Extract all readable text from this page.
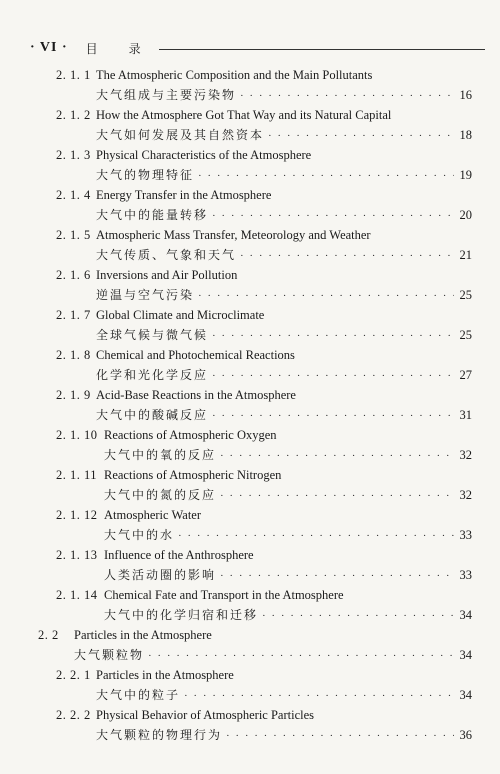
· VI · 目 录
2. 1. 1 The Atmospheric Composition and the Main Pollutants
大气组成与主要污染物 · · ·	16
2. 1. 2 How the Atmosphere Got That Way and its Natural Capital
大气如何发展及其自然资本 · · ·	18
2. 1. 3 Physical Characteristics of the Atmosphere
大气的物理特征 · · ·	19
2. 1. 4 Energy Transfer in the Atmosphere
大气中的能量转移 · · ·	20
2. 1. 5 Atmospheric Mass Transfer, Meteorology and Weather
大气传质、气象和天气 · · ·	21
2. 1. 6 Inversions and Air Pollution
逆温与空气污染 · · ·	25
2. 1. 7 Global Climate and Microclimate
全球气候与微气候 · · ·	25
2. 1. 8 Chemical and Photochemical Reactions
化学和光化学反应 · · ·	27
2. 1. 9 Acid-Base Reactions in the Atmosphere
大气中的酸碱反应 · · ·	31
2. 1. 10 Reactions of Atmospheric Oxygen
大气中的氧的反应 · · ·	32
2. 1. 11 Reactions of Atmospheric Nitrogen
大气中的氮的反应 · · ·	32
2. 1. 12 Atmospheric Water
大气中的水 · · ·	33
2. 1. 13 Influence of the Anthrosphere
人类活动圈的影响 · · ·	33
2. 1. 14 Chemical Fate and Transport in the Atmosphere
大气中的化学归宿和迁移 · · ·	34
2. 2 Particles in the Atmosphere
大气颗粒物 · · ·	34
2. 2. 1 Particles in the Atmosphere
大气中的粒子 · · ·	34
2. 2. 2 Physical Behavior of Atmospheric Particles
大气颗粒的物理行为 · · ·	36
